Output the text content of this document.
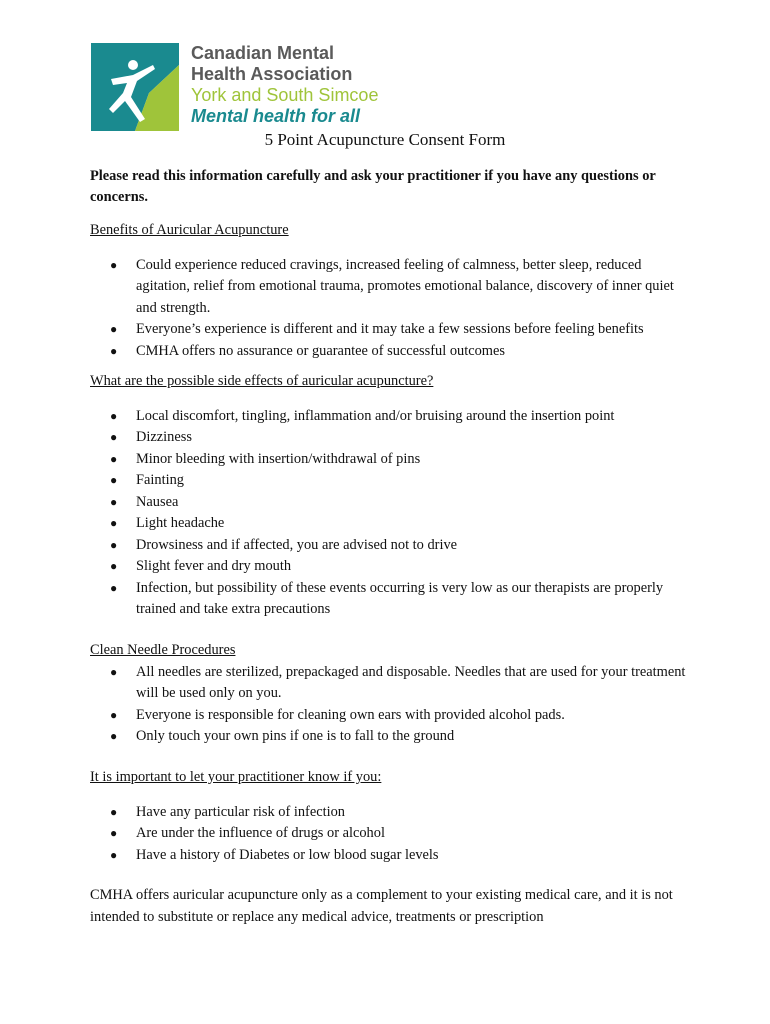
Canadian Mental
Health Association
York and South Simcoe
Mental health for all
5 Point Acupuncture Consent Form
Please read this information carefully and ask your practitioner if you have any questions or concerns.
Benefits of Auricular Acupuncture
● Could experience reduced cravings, increased feeling of calmness, better sleep, reduced agitation, relief from emotional trauma, promotes emotional balance, discovery of inner quiet and strength.
● Everyone’s experience is different and it may take a few sessions before feeling benefits
● CMHA offers no assurance or guarantee of successful outcomes
What are the possible side effects of auricular acupuncture?
● Local discomfort, tingling, inflammation and/or bruising around the insertion point
● Dizziness
● Minor bleeding with insertion/withdrawal of pins
● Fainting
● Nausea
● Light headache
● Drowsiness and if affected, you are advised not to drive
● Slight fever and dry mouth
● Infection, but possibility of these events occurring is very low as our therapists are properly trained and take extra precautions
Clean Needle Procedures
● All needles are sterilized, prepackaged and disposable. Needles that are used for your treatment will be used only on you.
● Everyone is responsible for cleaning own ears with provided alcohol pads.
● Only touch your own pins if one is to fall to the ground
It is important to let your practitioner know if you:
● Have any particular risk of infection
● Are under the influence of drugs or alcohol
● Have a history of Diabetes or low blood sugar levels
CMHA offers auricular acupuncture only as a complement to your existing medical care, and it is not intended to substitute or replace any medical advice, treatments or prescription
